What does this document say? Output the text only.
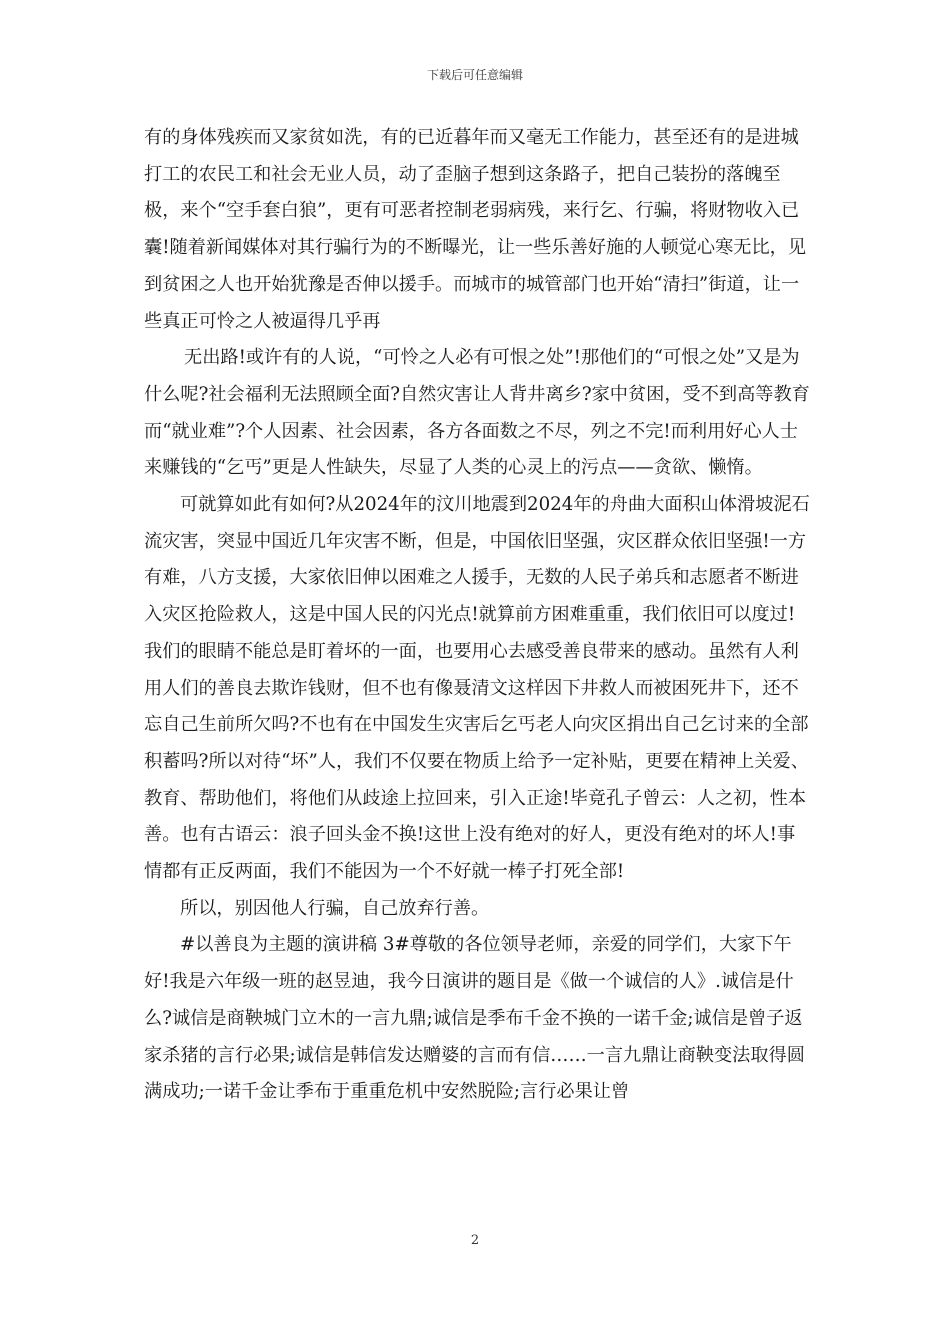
下载后可任意编辑

有的身体残疾而又家贫如洗，有的已近暮年而又毫无工作能力，甚至还有的是进城打工的农民工和社会无业人员，动了歪脑子想到这条路子，把自己装扮的落魄至极，来个“空手套白狼”，更有可恶者控制老弱病残，来行乞、行骗，将财物收入已囊!随着新闻媒体对其行骗行为的不断曝光，让一些乐善好施的人顿觉心寒无比，见到贫困之人也开始犹豫是否伸以援手。而城市的城管部门也开始“清扫”街道，让一些真正可怜之人被逼得几乎再

无出路!或许有的人说，“可怜之人必有可恨之处”!那他们的“可恨之处”又是为什么呢?社会福利无法照顾全面?自然灾害让人背井离乡?家中贫困，受不到高等教育而“就业难”?个人因素、社会因素，各方各面数之不尽，列之不完!而利用好心人士来赚钱的“乞丐”更是人性缺失，尽显了人类的心灵上的污点——贪欲、懒惰。

可就算如此有如何?从2024年的汶川地震到2024年的舟曲大面积山体滑坡泥石流灾害，突显中国近几年灾害不断，但是，中国依旧坚强，灾区群众依旧坚强!一方有难，八方支援，大家依旧伸以困难之人援手，无数的人民子弟兵和志愿者不断进入灾区抢险救人，这是中国人民的闪光点!就算前方困难重重，我们依旧可以度过!我们的眼睛不能总是盯着坏的一面，也要用心去感受善良带来的感动。虽然有人利用人们的善良去欺诈钱财，但不也有像聂清文这样因下井救人而被困死井下，还不忘自己生前所欠吗?不也有在中国发生灾害后乞丐老人向灾区捐出自己乞讨来的全部积蓄吗?所以对待“坏”人，我们不仅要在物质上给予一定补贴，更要在精神上关爱、教育、帮助他们，将他们从歧途上拉回来，引入正途!毕竟孔子曾云：人之初，性本善。也有古语云：浪子回头金不换!这世上没有绝对的好人，更没有绝对的坏人!事情都有正反两面，我们不能因为一个不好就一棒子打死全部!

所以，别因他人行骗，自己放弃行善。

#以善良为主题的演讲稿 3#尊敬的各位领导老师，亲爱的同学们，大家下午好!我是六年级一班的赵昱迪，我今日演讲的题目是《做一个诚信的人》.诚信是什么?诚信是商鞅城门立木的一言九鼎;诚信是季布千金不换的一诺千金;诚信是曾子返家杀猪的言行必果;诚信是韩信发达赠婆的言而有信……一言九鼎让商鞅变法取得圆满成功;一诺千金让季布于重重危机中安然脱险;言行必果让曾

2
